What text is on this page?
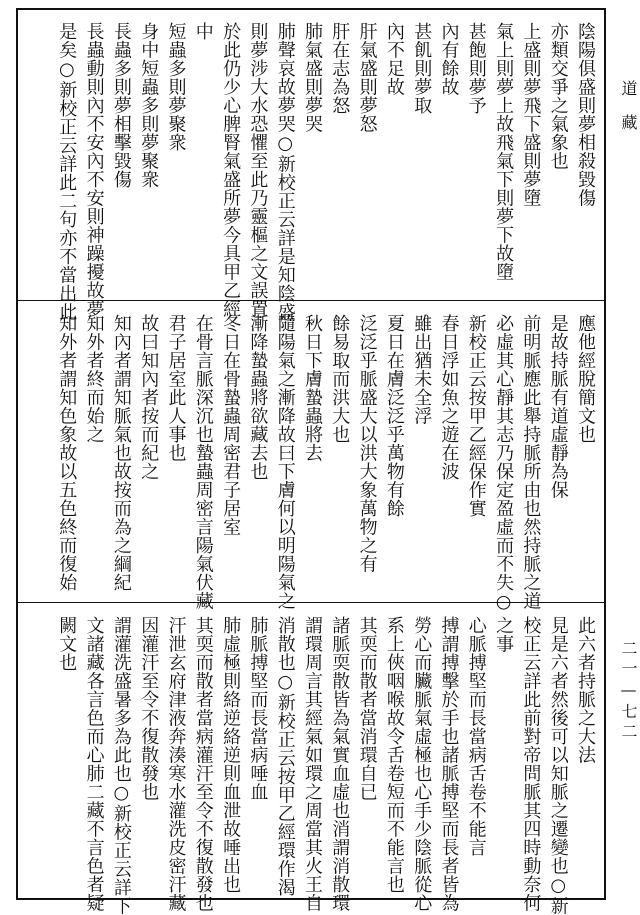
道藏
二一—七二
陰陽俱盛則夢相殺毀傷
亦類交爭之氣象也
上盛則夢飛下盛則夢墮
氣上則夢上故飛氣下則夢下故墮
甚飽則夢予
內有餘故
甚飢則夢取
內不足故
肝氣盛則夢怒
肝在志為怒
肺氣盛則夢哭
肺聲哀故夢哭○新校正云詳是知陰盛
則夢涉大水恐懼至此乃靈樞之文誤置
於此仍少心脾腎氣盛所夢今具甲乙經
中
短蟲多則夢聚衆
身中短蟲多則夢聚衆
長蟲多則夢相擊毀傷
長蟲動則內不安內不安則神躁擾故夢
是矣○新校正云詳此二句亦不當出此
應他經脫簡文也
是故持脈有道虛靜為保
前明脈應此舉持脈所由也然持脈之道
必虛其心靜其志乃保定盈虛而不失○
新校正云按甲乙經保作實
春日浮如魚之遊在波
雖出猶未全浮
夏日在膚泛泛乎萬物有餘
泛泛乎脈盛大以洪大象萬物之有
餘易取而洪大也
秋日下膚蟄蟲將去
隨陽氣之漸降故曰下膚何以明陽氣之
漸降蟄蟲將欲藏去也
冬日在骨蟄蟲周密君子居室
在骨言脈深沉也蟄蟲周密言陽氣伏藏
君子居室此人事也
故曰知內者按而紀之
知內者謂知脈氣也故按而為之綱紀
知外者終而始之
知外者謂知色象故以五色終而復始
此六者持脈之大法
見是六者然後可以知脈之遷變也○新
校正云詳此前對帝問脈其四時動奈何
之事
心脈搏堅而長當病舌卷不能言
搏謂搏擊於手也諸脈搏堅而長者皆為
勞心而臟脈氣虛極也心手少陰脈從心
系上俠咽喉故令舌卷短而不能言也
其耎而散者當消環自已
諸脈耎散皆為氣實血虛也消謂消散環
謂環周言其經氣如環之周當其火王自
消散也○新校正云按甲乙經環作渴
肺脈搏堅而長當病唾血
肺虛極則絡逆絡逆則血泄故唾出也
其耎而散者當病灌汗至令不復散發也
汗泄玄府津液奔湊寒水灌洗皮密汗藏
因灌汗至令不復散發也
謂灌洗盛暑多為此也○新校正云詳下
文諸藏各言色而心肺二藏不言色者疑
闕文也
